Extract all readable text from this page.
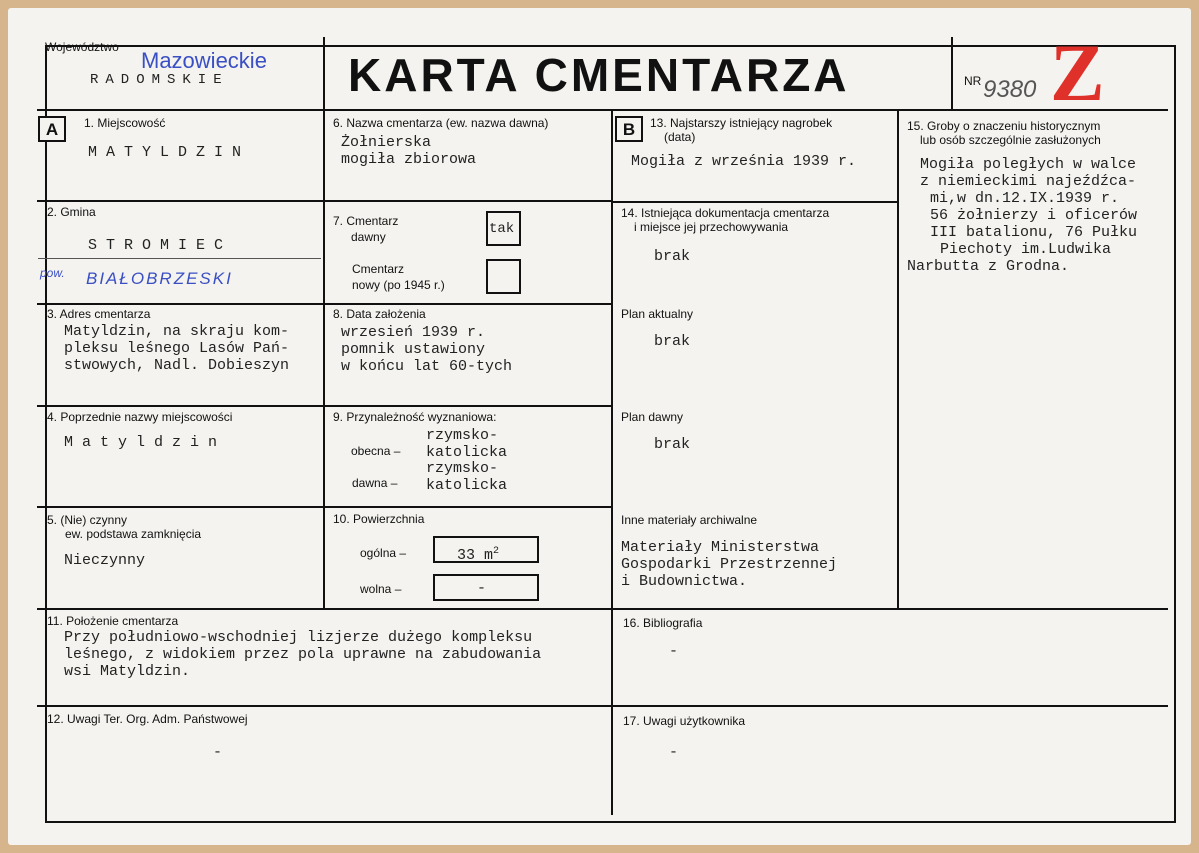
Województwo
Mazowieckie
RADOMSKIE	KARTA CMENTARZA	NR 9380 Z
A	B
1. Miejscowość
MATYLDZIN
2. Gmina
STROMIEC
pow. BIAŁOBRZESKI
3. Adres cmentarza
Matyldzin, na skraju kom-
pleksu leśnego Lasów Pań-
stwowych, Nadl. Dobieszyn
4. Poprzednie nazwy miejscowości
Matyldzin
5. (Nie) czynny
ew. podstawa zamknięcia
Nieczynny
6. Nazwa cmentarza (ew. nazwa dawna)
Żołnierska
mogiła zbiorowa
7. Cmentarz
dawny	tak
Cmentarz
nowy (po 1945 r.)
8. Data założenia
wrzesień 1939 r.
pomnik ustawiony
w końcu lat 60-tych
9. Przynależność wyznaniowa:
rzymsko-
obecna – katolicka
rzymsko-
dawna – katolicka
10. Powierzchnia
ogólna –	33 $m^2$
wolna –	-
11. Położenie cmentarza
Przy południowo-wschodniej lizjerze dużego kompleksu
leśnego, z widokiem przez pola uprawne na zabudowania
wsi Matyldzin.
12. Uwagi Ter. Org. Adm. Państwowej
-
13. Najstarszy istniejący nagrobek
(data)
Mogiła z września 1939 r.
14. Istniejąca dokumentacja cmentarza
i miejsce jej przechowywania
brak
Plan aktualny
brak
Plan dawny
brak
Inne materiały archiwalne
Materiały Ministerstwa
Gospodarki Przestrzennej
i Budownictwa.
15. Groby o znaczeniu historycznym
lub osób szczególnie zasłużonych
Mogiła poległych w walce
z niemieckimi najeźdźca-
mi,w dn.12.IX.1939 r.
56 żołnierzy i oficerów
III batalionu, 76 Pułku
Piechoty im.Ludwika
Narbutta z Grodna.
16. Bibliografia
-
17. Uwagi użytkownika
-
